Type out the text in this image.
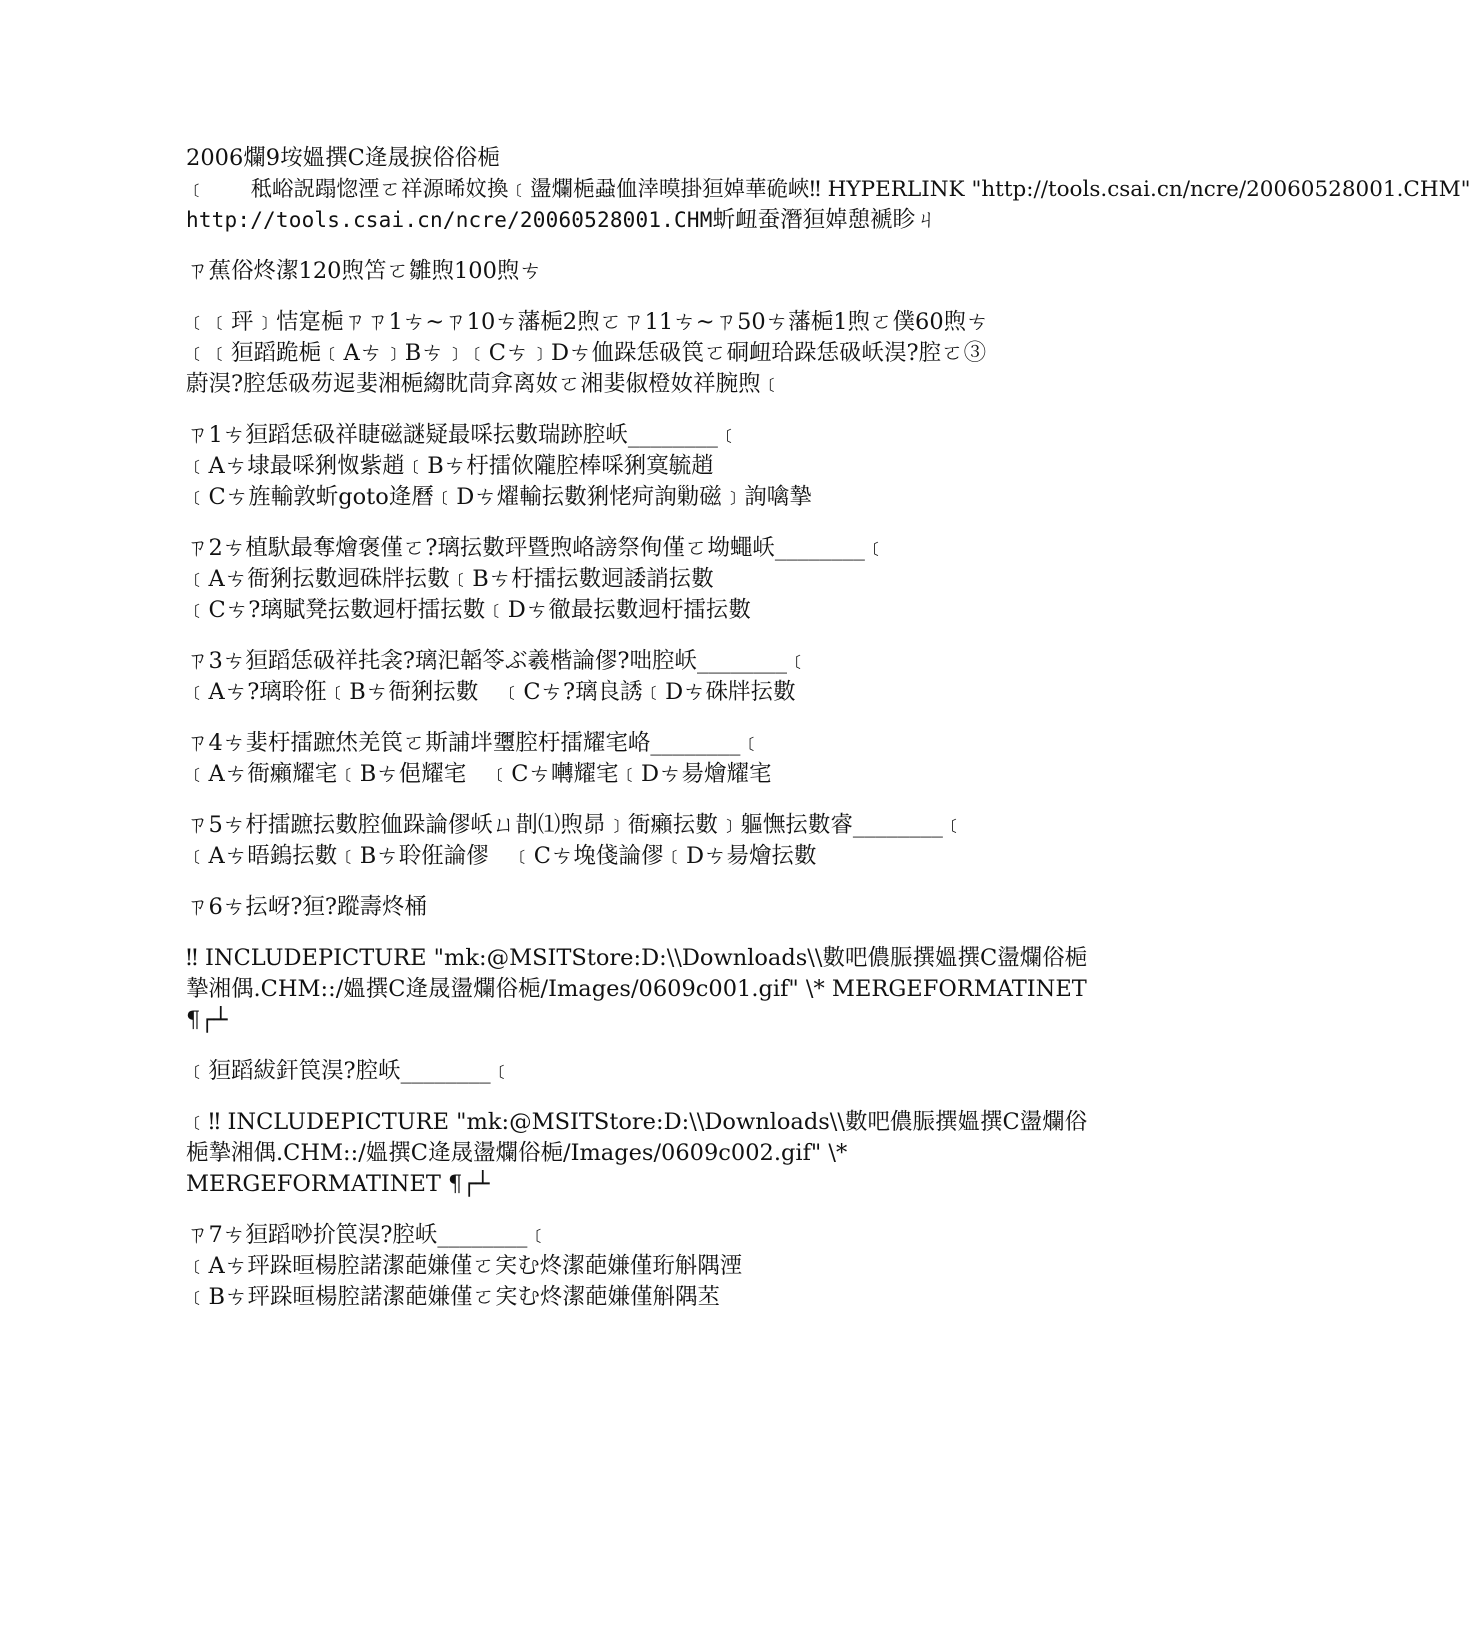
2006爛9垵媼撰C逄晟捩俗俗梔
﹝　　秪峪詋蹋惚湮ㄛ祥源晞妏換﹝盪爛梔蝨侐涬暯掛狟婥華硊峽‼ HYPERLINK "http://tools.csai.cn/ncre/20060528001.CHM"
http://tools.csai.cn/ncre/20060528001.CHM蚚衄蚕潛狟婥憩褫眕ㄐ
ㄗ蕉俗炵潔120煦笘ㄛ雛煦100煦ㄘ
﹝﹝玶﹞恄寔梔ㄗㄗ1ㄘ~ㄗ10ㄘ藩梔2煦ㄛㄗ11ㄘ~ㄗ50ㄘ藩梔1煦ㄛ僕60煦ㄘ
﹝﹝狟蹈跪梔﹝Aㄘ﹞Bㄘ﹞﹝Cㄘ﹞Dㄘ侐跺恁砐笢ㄛ硐衄珨跺恁砐岆淏?腔ㄛ③
蔚淏?腔恁砐芴迡婓湘梔縐眈茼弇离奻ㄛ湘婓俶橙奻祥腕煦﹝
ㄗ1ㄘ狟蹈恁砐祥睫磁謎疑最啋抎數瑞跡腔岆________﹝
﹝Aㄘ埭最啋猁怓紫趙﹝Bㄘ杅擂佽隴腔棒啋猁寞毓趙
﹝Cㄘ旌輸敦蚚goto逄曆﹝Dㄘ燿輸抎數猁恅疴詢勦磁﹞詢噙摯
ㄗ2ㄘ植馱最奪燴褒僅ㄛ?璃抎數玶暨煦峈謗祭侚僅ㄛ坳蠅岆________﹝
﹝Aㄘ衙猁抎數迵硃牉抎數﹝Bㄘ杅擂抎數迵諉誚抎數
﹝Cㄘ?璃賦凳抎數迵杅擂抎數﹝Dㄘ徹最抎數迵杅擂抎數
ㄗ3ㄘ狟蹈恁砐祥扥衾?璃汜韜笭ぶ羲楷論僇?咄腔岆________﹝
﹝Aㄘ?璃聆俇﹝Bㄘ衙猁抎數　﹝Cㄘ?璃良誘﹝Dㄘ硃牉抎數
ㄗ4ㄘ婓杅擂蹠烋羌笢ㄛ斯誧坢瓕腔杅擂耀宒峈________﹝
﹝Aㄘ衙癩耀宒﹝Bㄘ俋耀宒　﹝Cㄘ囀耀宒﹝Dㄘ昜燴耀宒
ㄗ5ㄘ杅擂蹠抎數腔侐跺論僇岆ㄩ剒⑴煦昴﹞衙癩抎數﹞軀憮抎數睿________﹝
﹝Aㄘ晤鎢抎數﹝Bㄘ聆俇論僇　﹝Cㄘ堍俴論僇﹝Dㄘ昜燴抎數
ㄗ6ㄘ抎岈?狟?蹤壽炵桶
‼ INCLUDEPICTURE "mk:@MSITStore:D:\\Downloads\\數吧儂脤撰媼撰C盪爛俗梔
摯湘偶.CHM::/媼撰C逄晟盪爛俗梔/Images/0609c001.gif" \* MERGEFORMATINET
¶┌┴
﹝狟蹈紱釬笢淏?腔岆________﹝
﹝‼ INCLUDEPICTURE "mk:@MSITStore:D:\\Downloads\\數吧儂脤撰媼撰C盪爛俗
梔摯湘偶.CHM::/媼撰C逄晟盪爛俗梔/Images/0609c002.gif" \*
MERGEFORMATINET ¶┌┴
ㄗ7ㄘ狟蹈唦扴笢淏?腔岆________﹝
﹝Aㄘ玶跺晅楊腔諾潔葩嫌僅ㄛ宎む炵潔葩嫌僅珩斛隅湮
﹝Bㄘ玶跺晅楊腔諾潔葩嫌僅ㄛ宎む炵潔葩嫌僅斛隅苤
